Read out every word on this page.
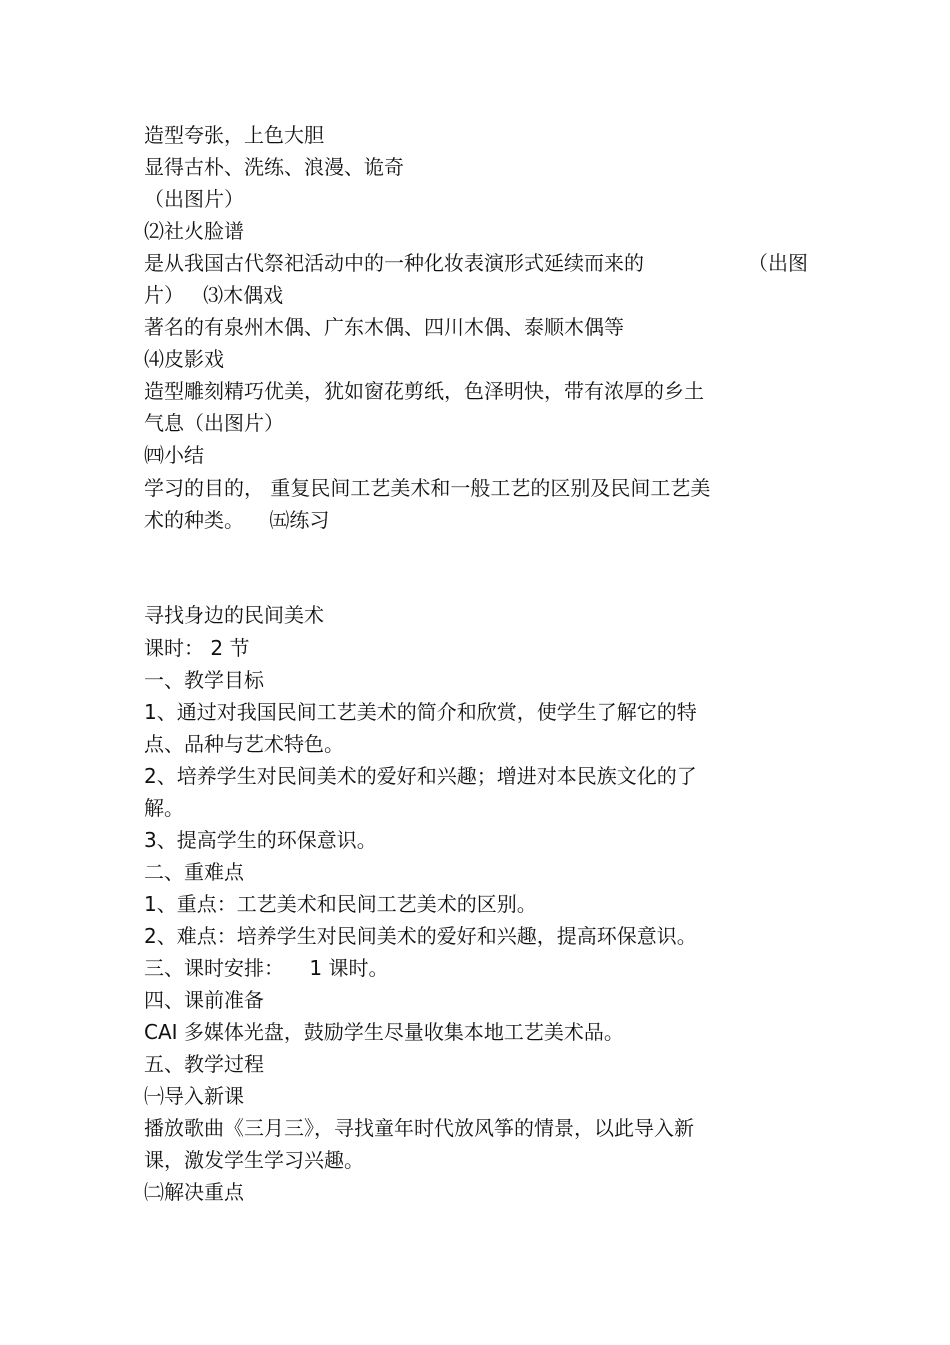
造型夸张，上色大胆
显得古朴、洗练、浪漫、诡奇
（出图片）
⑵社火脸谱
是从我国古代祭祀活动中的一种化妆表演形式延续而来的	（出图
片）   ⑶木偶戏
著名的有泉州木偶、广东木偶、四川木偶、泰顺木偶等
⑷皮影戏
造型雕刻精巧优美，犹如窗花剪纸，色泽明快，带有浓厚的乡土
气息（出图片）
㈣小结
学习的目的， 重复民间工艺美术和一般工艺的区别及民间工艺美
术的种类。    ㈤练习
寻找身边的民间美术
课时： 2 节
一、教学目标
1、通过对我国民间工艺美术的简介和欣赏，使学生了解它的特
点、品种与艺术特色。
2、培养学生对民间美术的爱好和兴趣；增进对本民族文化的了
解。
3、提高学生的环保意识。
二、重难点
1、重点：工艺美术和民间工艺美术的区别。
2、难点：培养学生对民间美术的爱好和兴趣，提高环保意识。
三、课时安排：    1 课时。
四、课前准备
CAI 多媒体光盘，鼓励学生尽量收集本地工艺美术品。
五、教学过程
㈠导入新课
播放歌曲《三月三》，寻找童年时代放风筝的情景，以此导入新
课，激发学生学习兴趣。
㈡解决重点
